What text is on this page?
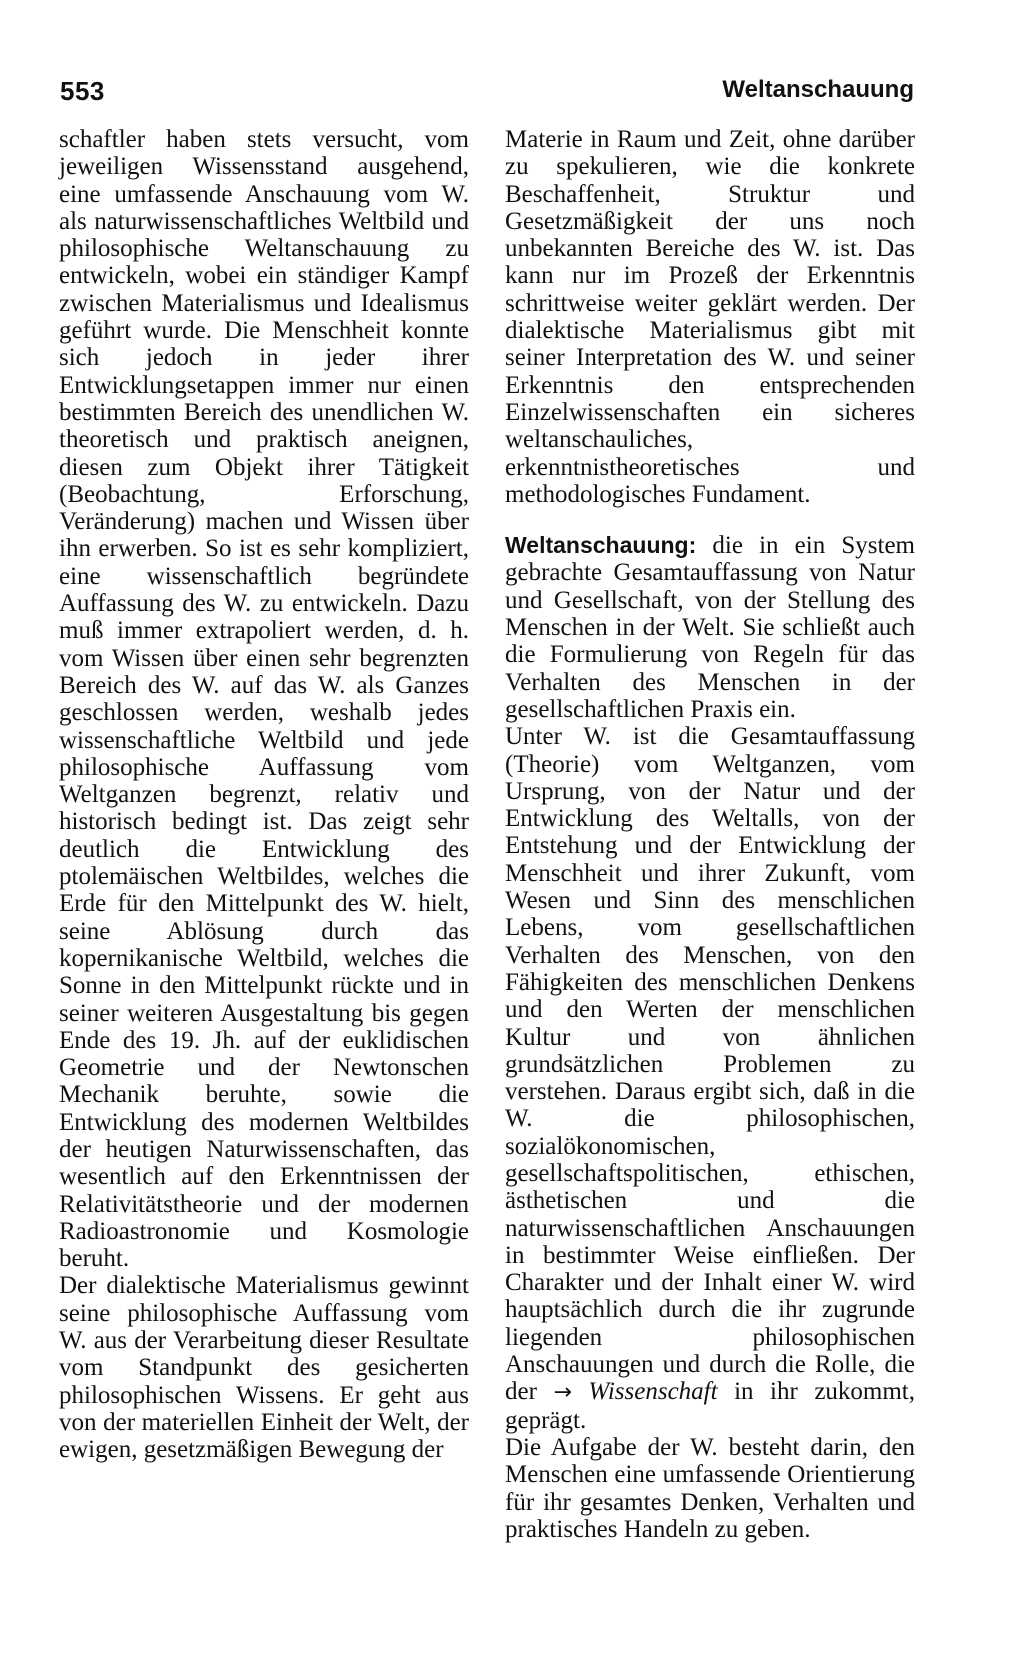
553	Weltanschauung

schaftler haben stets versucht, vom jeweiligen Wissensstand ausgehend, eine umfassende Anschauung vom W. als naturwissenschaftliches Weltbild und philosophische Weltanschauung zu entwickeln, wobei ein ständiger Kampf zwischen Materialismus und Idealismus geführt wurde. Die Menschheit konnte sich jedoch in jeder ihrer Entwicklungsetappen immer nur einen bestimmten Bereich des unendlichen W. theoretisch und praktisch aneignen, diesen zum Objekt ihrer Tätigkeit (Beobachtung, Erforschung, Veränderung) machen und Wissen über ihn erwerben. So ist es sehr kompliziert, eine wissenschaftlich begründete Auffassung des W. zu entwickeln. Dazu muß immer extrapoliert werden, d. h. vom Wissen über einen sehr begrenzten Bereich des W. auf das W. als Ganzes geschlossen werden, weshalb jedes wissenschaftliche Weltbild und jede philosophische Auffassung vom Weltganzen begrenzt, relativ und historisch bedingt ist. Das zeigt sehr deutlich die Entwicklung des ptolemäischen Weltbildes, welches die Erde für den Mittelpunkt des W. hielt, seine Ablösung durch das kopernikanische Weltbild, welches die Sonne in den Mittelpunkt rückte und in seiner weiteren Ausgestaltung bis gegen Ende des 19. Jh. auf der euklidischen Geometrie und der Newtonschen Mechanik beruhte, sowie die Entwicklung des modernen Weltbildes der heutigen Naturwissenschaften, das wesentlich auf den Erkenntnissen der Relativitätstheorie und der modernen Radioastronomie und Kosmologie beruht.

Der dialektische Materialismus gewinnt seine philosophische Auffassung vom W. aus der Verarbeitung dieser Resultate vom Standpunkt des gesicherten philosophischen Wissens. Er geht aus von der materiellen Einheit der Welt, der ewigen, gesetzmäßigen Bewegung der

Materie in Raum und Zeit, ohne darüber zu spekulieren, wie die konkrete Beschaffenheit, Struktur und Gesetzmäßigkeit der uns noch unbekannten Bereiche des W. ist. Das kann nur im Prozeß der Erkenntnis schrittweise weiter geklärt werden. Der dialektische Materialismus gibt mit seiner Interpretation des W. und seiner Erkenntnis den entsprechenden Einzelwissenschaften ein sicheres weltanschauliches, erkenntnistheoretisches und methodologisches Fundament.

Weltanschauung: die in ein System gebrachte Gesamtauffassung von Natur und Gesellschaft, von der Stellung des Menschen in der Welt. Sie schließt auch die Formulierung von Regeln für das Verhalten des Menschen in der gesellschaftlichen Praxis ein.

Unter W. ist die Gesamtauffassung (Theorie) vom Weltganzen, vom Ursprung, von der Natur und der Entwicklung des Weltalls, von der Entstehung und der Entwicklung der Menschheit und ihrer Zukunft, vom Wesen und Sinn des menschlichen Lebens, vom gesellschaftlichen Verhalten des Menschen, von den Fähigkeiten des menschlichen Denkens und den Werten der menschlichen Kultur und von ähnlichen grundsätzlichen Problemen zu verstehen. Daraus ergibt sich, daß in die W. die philosophischen, sozialökonomischen, gesellschaftspolitischen, ethischen, ästhetischen und die naturwissenschaftlichen Anschauungen in bestimmter Weise einfließen. Der Charakter und der Inhalt einer W. wird hauptsächlich durch die ihr zugrunde liegenden philosophischen Anschauungen und durch die Rolle, die der → Wissenschaft in ihr zukommt, geprägt.

Die Aufgabe der W. besteht darin, den Menschen eine umfassende Orientierung für ihr gesamtes Denken, Verhalten und praktisches Handeln zu geben.
